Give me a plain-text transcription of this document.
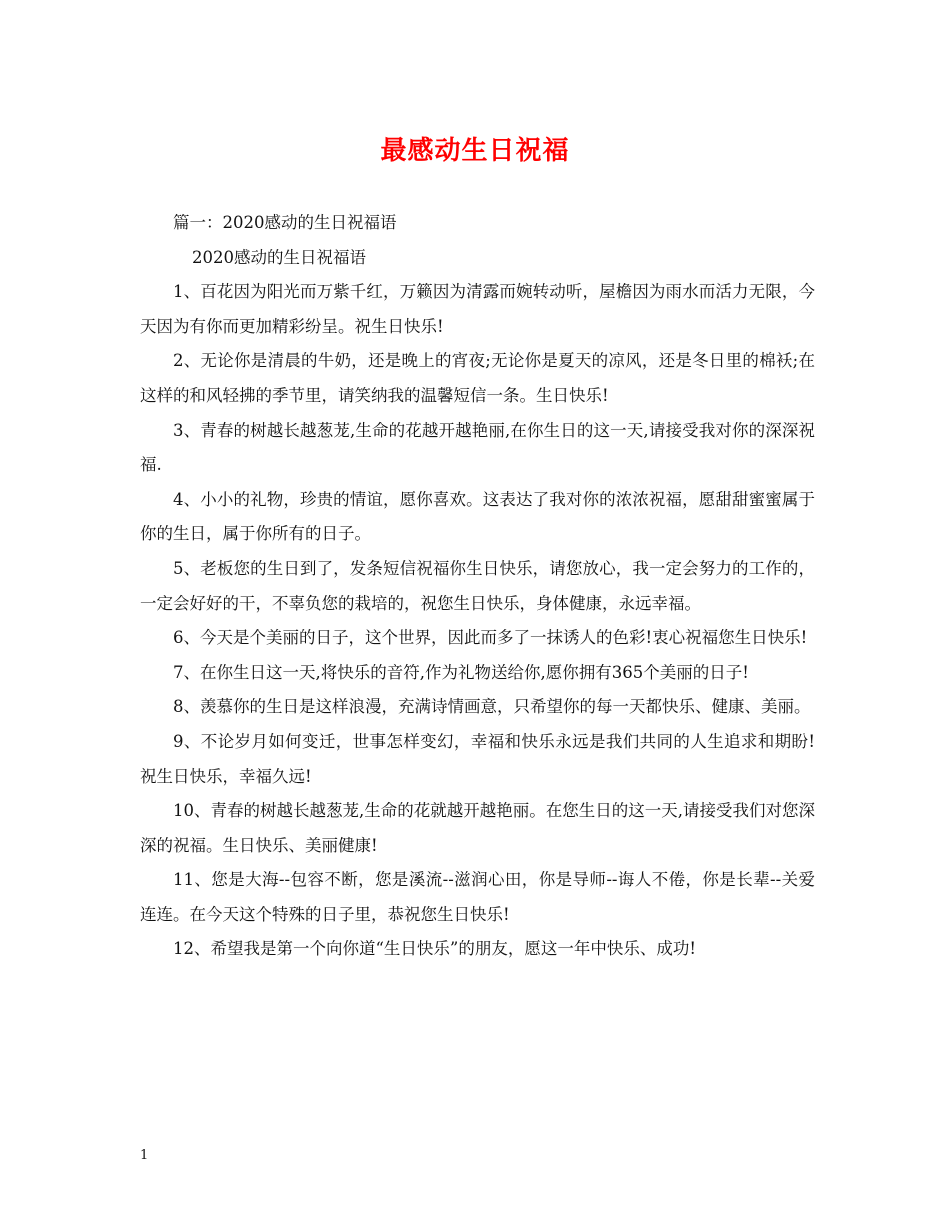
最感动生日祝福

篇一：2020感动的生日祝福语

2020感动的生日祝福语

1、百花因为阳光而万紫千红，万籁因为清露而婉转动听，屋檐因为雨水而活力无限，今天因为有你而更加精彩纷呈。祝生日快乐!

2、无论你是清晨的牛奶，还是晚上的宵夜;无论你是夏天的凉风，还是冬日里的棉袄;在这样的和风轻拂的季节里，请笑纳我的温馨短信一条。生日快乐!

3、青春的树越长越葱茏,生命的花越开越艳丽,在你生日的这一天,请接受我对你的深深祝福.

4、小小的礼物，珍贵的情谊，愿你喜欢。这表达了我对你的浓浓祝福，愿甜甜蜜蜜属于你的生日，属于你所有的日子。

5、老板您的生日到了，发条短信祝福你生日快乐，请您放心，我一定会努力的工作的，一定会好好的干，不辜负您的栽培的，祝您生日快乐，身体健康，永远幸福。

6、今天是个美丽的日子，这个世界，因此而多了一抹诱人的色彩!衷心祝福您生日快乐!

7、在你生日这一天,将快乐的音符,作为礼物送给你,愿你拥有365个美丽的日子!

8、羡慕你的生日是这样浪漫，充满诗情画意，只希望你的每一天都快乐、健康、美丽。

9、不论岁月如何变迁，世事怎样变幻，幸福和快乐永远是我们共同的人生追求和期盼!祝生日快乐，幸福久远!

10、青春的树越长越葱茏,生命的花就越开越艳丽。在您生日的这一天,请接受我们对您深深的祝福。生日快乐、美丽健康!

11、您是大海--包容不断，您是溪流--滋润心田，你是导师--诲人不倦，你是长辈--关爱连连。在今天这个特殊的日子里，恭祝您生日快乐!

12、希望我是第一个向你道“生日快乐”的朋友，愿这一年中快乐、成功!

1
